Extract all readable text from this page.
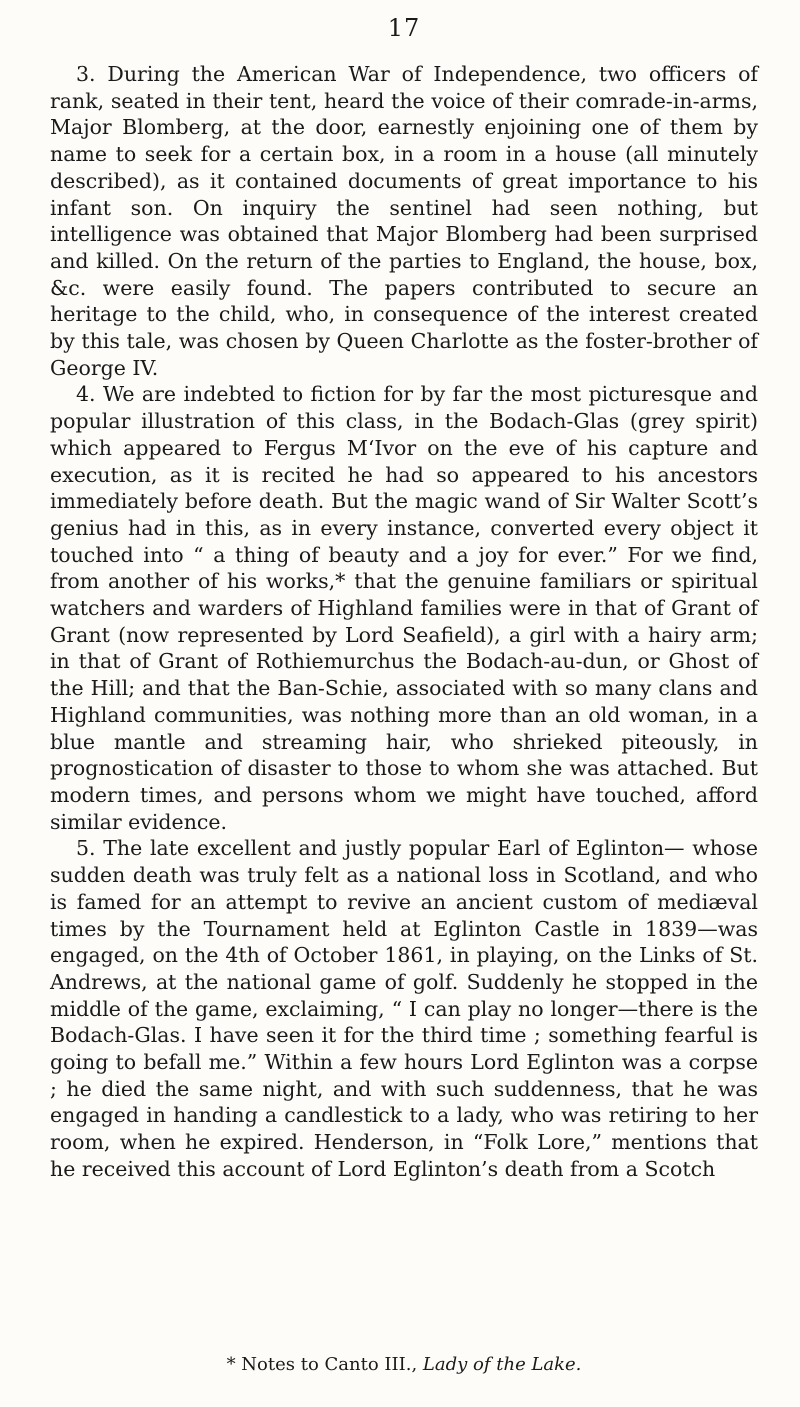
17

3. During the American War of Independence, two officers of rank, seated in their tent, heard the voice of their comrade-in-arms, Major Blomberg, at the door, earnestly enjoining one of them by name to seek for a certain box, in a room in a house (all minutely described), as it contained documents of great importance to his infant son. On inquiry the sentinel had seen nothing, but intelligence was obtained that Major Blomberg had been surprised and killed. On the return of the parties to England, the house, box, &c. were easily found. The papers contributed to secure an heritage to the child, who, in consequence of the interest created by this tale, was chosen by Queen Charlotte as the foster-brother of George IV.

4. We are indebted to fiction for by far the most picturesque and popular illustration of this class, in the Bodach-Glas (grey spirit) which appeared to Fergus M‘Ivor on the eve of his capture and execution, as it is recited he had so appeared to his ancestors immediately before death. But the magic wand of Sir Walter Scott’s genius had in this, as in every instance, converted every object it touched into “ a thing of beauty and a joy for ever.” For we find, from another of his works,* that the genuine familiars or spiritual watchers and warders of Highland families were in that of Grant of Grant (now represented by Lord Seafield), a girl with a hairy arm; in that of Grant of Rothiemurchus the Bodach-au-dun, or Ghost of the Hill; and that the Ban-Schie, associated with so many clans and Highland communities, was nothing more than an old woman, in a blue mantle and streaming hair, who shrieked piteously, in prognostication of disaster to those to whom she was attached. But modern times, and persons whom we might have touched, afford similar evidence.

5. The late excellent and justly popular Earl of Eglinton— whose sudden death was truly felt as a national loss in Scotland, and who is famed for an attempt to revive an ancient custom of mediæval times by the Tournament held at Eglinton Castle in 1839—was engaged, on the 4th of October 1861, in playing, on the Links of St. Andrews, at the national game of golf. Suddenly he stopped in the middle of the game, exclaiming, “ I can play no longer—there is the Bodach-Glas. I have seen it for the third time ; something fearful is going to befall me.” Within a few hours Lord Eglinton was a corpse ; he died the same night, and with such suddenness, that he was engaged in handing a candlestick to a lady, who was retiring to her room, when he expired. Henderson, in “Folk Lore,” mentions that he received this account of Lord Eglinton’s death from a Scotch

* Notes to Canto III., Lady of the Lake.
